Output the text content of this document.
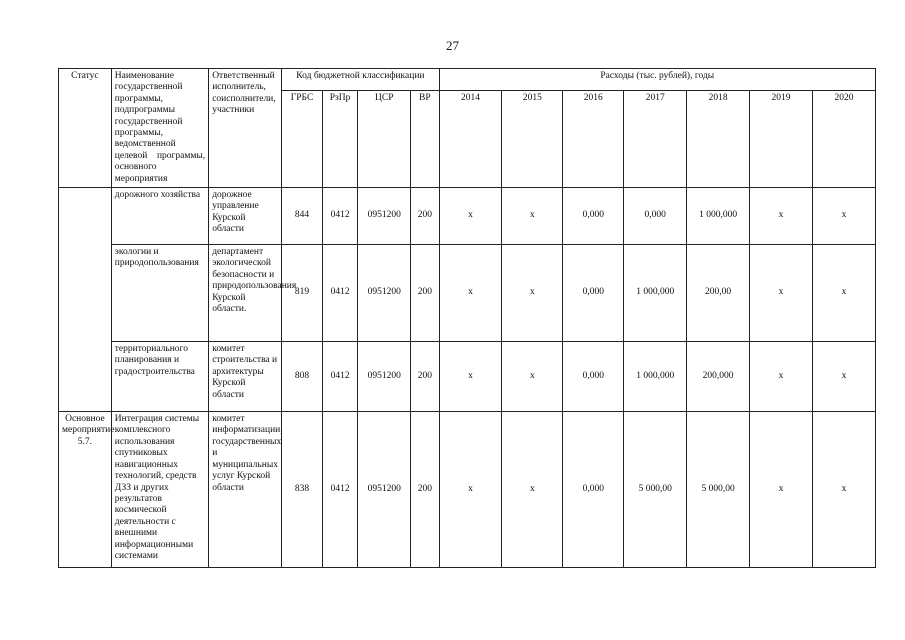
27
Статус	Наименование государственной программы, подпрограммы государственной программы, ведомственной целевой программы, основного мероприятия	Ответственный исполнитель, соисполнители, участники	Код бюджетной классификации				Расходы (тыс. рублей), годы						
			ГРБС	РзПр	ЦСР	ВР	2014	2015	2016	2017	2018	2019	2020
	дорожного хозяйства	дорожное управление Курской области	844	0412	0951200	200	x	x	0,000	0,000	1 000,000	x	x
	экологии и природопользования	департамент экологической безопасности и природопользования Курской области.	819	0412	0951200	200	x	x	0,000	1 000,000	200,00	x	x
	территориального планирования и градостроительства	комитет строительства и архитектуры Курской области	808	0412	0951200	200	x	x	0,000	1 000,000	200,000	x	x
Основное мероприятие 5.7.	Интеграция системы комплексного использования спутниковых навигационных технологий, средств ДЗЗ и других результатов космической деятельности с внешними информационными системами	комитет информатизации, государственных и муниципальных услуг Курской области	838	0412	0951200	200	x	x	0,000	5 000,00	5 000,00	x	x
